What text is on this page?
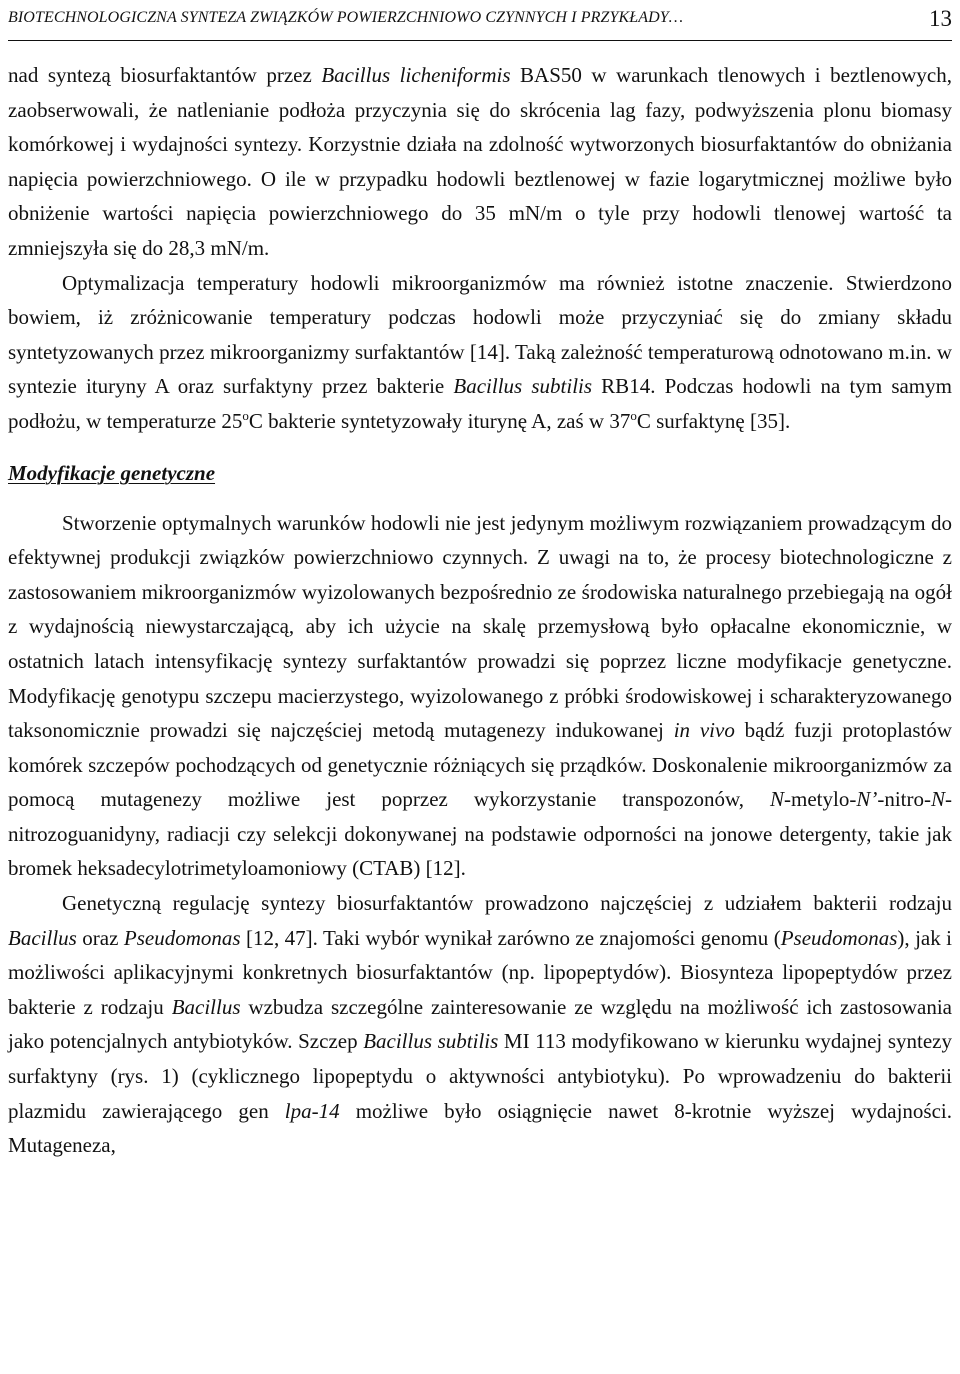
BIOTECHNOLOGICZNA SYNTEZA ZWIĄZKÓW POWIERZCHNIOWO CZYNNYCH I PRZYKŁADY…	13

nad syntezą biosurfaktantów przez Bacillus licheniformis BAS50 w warunkach tlenowych i beztlenowych, zaobserwowali, że natlenianie podłoża przyczynia się do skrócenia lag fazy, podwyższenia plonu biomasy komórkowej i wydajności syntezy. Korzystnie działa na zdolność wytworzonych biosurfaktantów do obniżania napięcia powierzchniowego. O ile w przypadku hodowli beztlenowej w fazie logarytmicznej możliwe było obniżenie wartości napięcia powierzchniowego do 35 mN/m o tyle przy hodowli tlenowej wartość ta zmniejszyła się do 28,3 mN/m.

Optymalizacja temperatury hodowli mikroorganizmów ma również istotne znaczenie. Stwierdzono bowiem, iż zróżnicowanie temperatury podczas hodowli może przyczyniać się do zmiany składu syntetyzowanych przez mikroorganizmy surfaktantów [14]. Taką zależność temperaturową odnotowano m.in. w syntezie ituryny A oraz surfaktyny przez bakterie Bacillus subtilis RB14. Podczas hodowli na tym samym podłożu, w temperaturze 25$^o$C bakterie syntetyzowały iturynę A, zaś w 37$^o$C surfaktynę [35].

Modyfikacje genetyczne

Stworzenie optymalnych warunków hodowli nie jest jedynym możliwym rozwiązaniem prowadzącym do efektywnej produkcji związków powierzchniowo czynnych. Z uwagi na to, że procesy biotechnologiczne z zastosowaniem mikroorganizmów wyizolowanych bezpośrednio ze środowiska naturalnego przebiegają na ogół z wydajnością niewystarczającą, aby ich użycie na skalę przemysłową było opłacalne ekonomicznie, w ostatnich latach intensyfikację syntezy surfaktantów prowadzi się poprzez liczne modyfikacje genetyczne. Modyfikację genotypu szczepu macierzystego, wyizolowanego z próbki środowiskowej i scharakteryzowanego taksonomicznie prowadzi się najczęściej metodą mutagenezy indukowanej in vivo bądź fuzji protoplastów komórek szczepów pochodzących od genetycznie różniących się prządków. Doskonalenie mikroorganizmów za pomocą mutagenezy możliwe jest poprzez wykorzystanie transpozonów, N-metylo-N’-nitro-N-nitrozoguanidyny, radiacji czy selekcji dokonywanej na podstawie odporności na jonowe detergenty, takie jak bromek heksadecylotrimetyloamoniowy (CTAB) [12].

Genetyczną regulację syntezy biosurfaktantów prowadzono najczęściej z udziałem bakterii rodzaju Bacillus oraz Pseudomonas [12, 47]. Taki wybór wynikał zarówno ze znajomości genomu (Pseudomonas), jak i możliwości aplikacyjnymi konkretnych biosurfaktantów (np. lipopeptydów). Biosynteza lipopeptydów przez bakterie z rodzaju Bacillus wzbudza szczególne zainteresowanie ze względu na możliwość ich zastosowania jako potencjalnych antybiotyków. Szczep Bacillus subtilis MI 113 modyfikowano w kierunku wydajnej syntezy surfaktyny (rys. 1) (cyklicznego lipopeptydu o aktywności antybiotyku). Po wprowadzeniu do bakterii plazmidu zawierającego gen lpa-14 możliwe było osiągnięcie nawet 8-krotnie wyższej wydajności. Mutageneza,
